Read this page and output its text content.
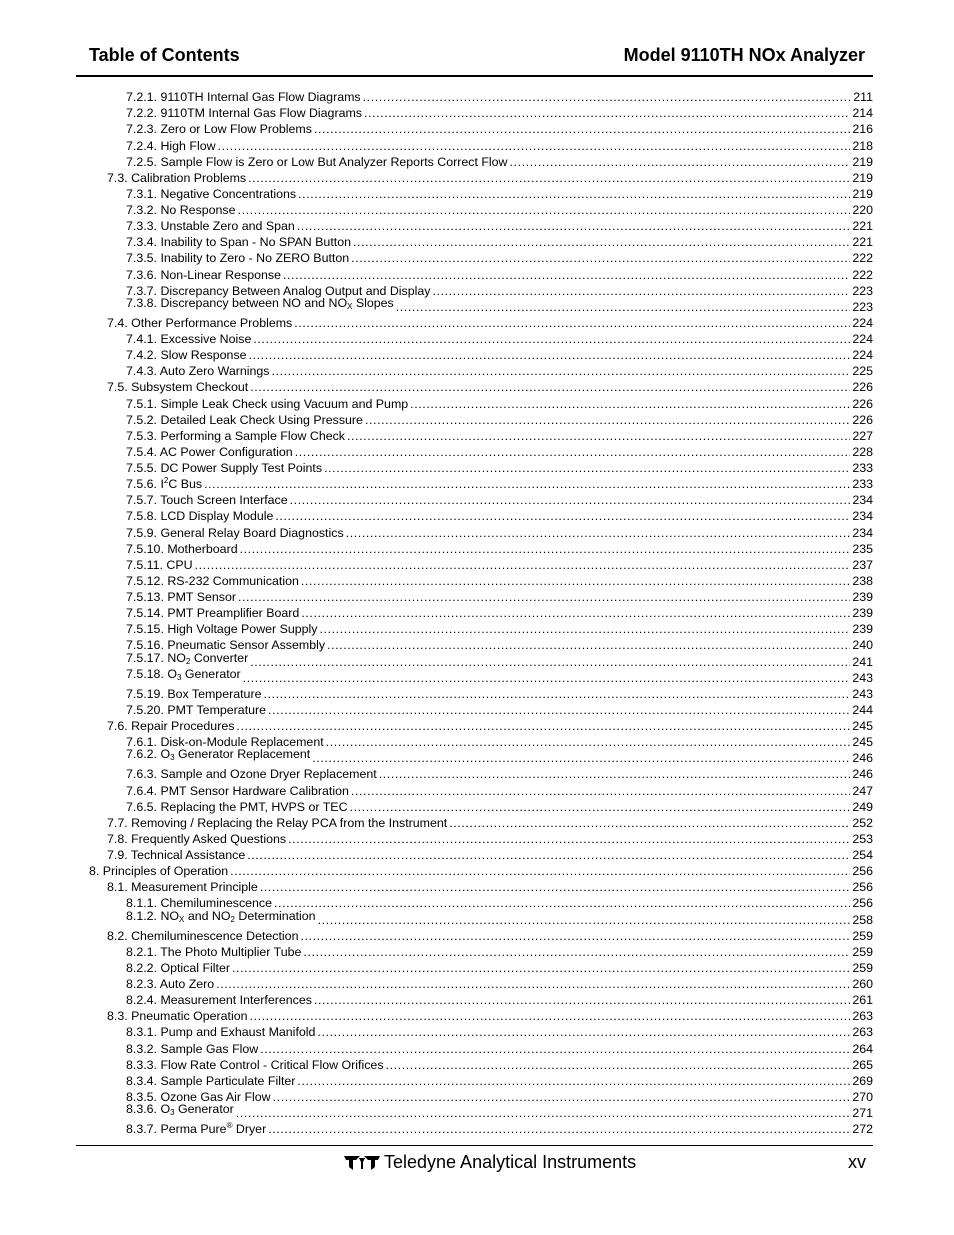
Table of Contents	Model 9110TH NOx Analyzer
7.2.1. 9110TH Internal Gas Flow Diagrams .....	211
7.2.2. 9110TM Internal Gas Flow Diagrams .....	214
7.2.3. Zero or Low Flow Problems .....	216
7.2.4. High Flow .....	218
7.2.5. Sample Flow is Zero or Low But Analyzer Reports Correct Flow .....	219
7.3. Calibration Problems .....	219
7.3.1. Negative Concentrations .....	219
7.3.2. No Response .....	220
7.3.3. Unstable Zero and Span .....	221
7.3.4. Inability to Span - No SPAN Button .....	221
7.3.5. Inability to Zero - No ZERO Button .....	222
7.3.6. Non-Linear Response .....	222
7.3.7. Discrepancy Between Analog Output and Display .....	223
7.3.8. Discrepancy between NO and $NO_X$ Slopes .....	223
7.4. Other Performance Problems .....	224
7.4.1. Excessive Noise .....	224
7.4.2. Slow Response .....	224
7.4.3. Auto Zero Warnings .....	225
7.5. Subsystem Checkout .....	226
7.5.1. Simple Leak Check using Vacuum and Pump .....	226
7.5.2. Detailed Leak Check Using Pressure .....	226
7.5.3. Performing a Sample Flow Check .....	227
7.5.4. AC Power Configuration .....	228
7.5.5. DC Power Supply Test Points .....	233
7.5.6. $I^2C$ Bus .....	233
7.5.7. Touch Screen Interface .....	234
7.5.8. LCD Display Module .....	234
7.5.9. General Relay Board Diagnostics .....	234
7.5.10. Motherboard .....	235
7.5.11. CPU .....	237
7.5.12. RS-232 Communication .....	238
7.5.13. PMT Sensor .....	239
7.5.14. PMT Preamplifier Board .....	239
7.5.15. High Voltage Power Supply .....	239
7.5.16. Pneumatic Sensor Assembly .....	240
7.5.17. $NO_2$ Converter .....	241
7.5.18. $O_3$ Generator .....	243
7.5.19. Box Temperature .....	243
7.5.20. PMT Temperature .....	244
7.6. Repair Procedures .....	245
7.6.1. Disk-on-Module Replacement .....	245
7.6.2. $O_3$ Generator Replacement .....	246
7.6.3. Sample and Ozone Dryer Replacement .....	246
7.6.4. PMT Sensor Hardware Calibration .....	247
7.6.5. Replacing the PMT, HVPS or TEC .....	249
7.7. Removing / Replacing the Relay PCA from the Instrument .....	252
7.8. Frequently Asked Questions .....	253
7.9. Technical Assistance .....	254
8. Principles of Operation .....	256
8.1. Measurement Principle .....	256
8.1.1. Chemiluminescence .....	256
8.1.2. $NO_X$ and $NO_2$ Determination .....	258
8.2. Chemiluminescence Detection .....	259
8.2.1. The Photo Multiplier Tube .....	259
8.2.2. Optical Filter .....	259
8.2.3. Auto Zero .....	260
8.2.4. Measurement Interferences .....	261
8.3. Pneumatic Operation .....	263
8.3.1. Pump and Exhaust Manifold .....	263
8.3.2. Sample Gas Flow .....	264
8.3.3. Flow Rate Control - Critical Flow Orifices .....	265
8.3.4. Sample Particulate Filter .....	269
8.3.5. Ozone Gas Air Flow .....	270
8.3.6. $O_3$ Generator .....	271
8.3.7. Perma Pure® Dryer .....	272
Teledyne Analytical Instruments	xv
